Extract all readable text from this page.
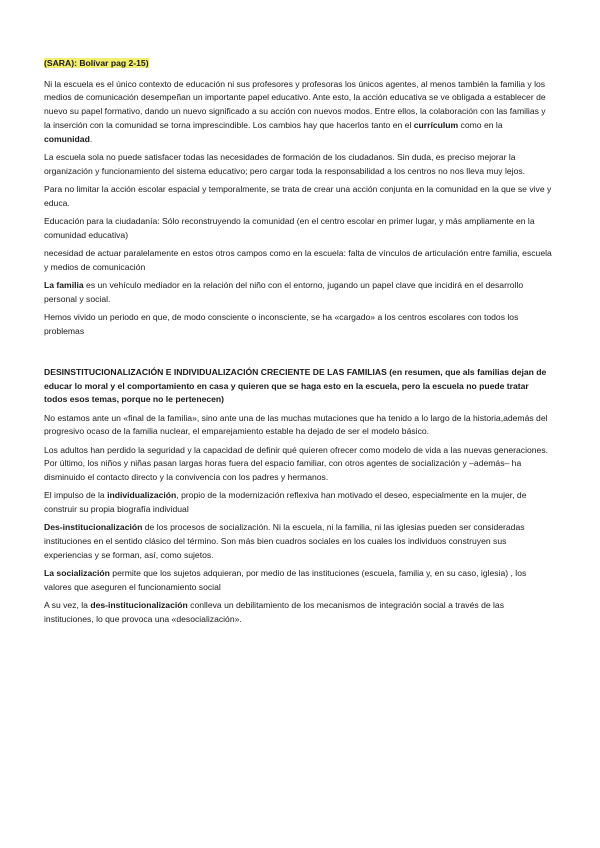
(SARA): Bolívar pag 2-15)

Ni la escuela es el único contexto de educación ni sus profesores y profesoras los únicos agentes, al menos también la familia y los medios de comunicación desempeñan un importante papel educativo. Ante esto, la acción educativa se ve obligada a establecer de nuevo su papel formativo, dando un nuevo significado a su acción con nuevos modos. Entre ellos, la colaboración con las familias y la inserción con la comunidad se torna imprescindible. Los cambios hay que hacerlos tanto en el currículum como en la comunidad.

La escuela sola no puede satisfacer todas las necesidades de formación de los ciudadanos. Sin duda, es preciso mejorar la organización y funcionamiento del sistema educativo; pero cargar toda la responsabilidad a los centros no nos lleva muy lejos.

Para no limitar la acción escolar espacial y temporalmente, se trata de crear una acción conjunta en la comunidad en la que se vive y educa.

Educación para la ciudadanía: Sólo reconstruyendo la comunidad (en el centro escolar en primer lugar, y más ampliamente en la comunidad educativa)

necesidad de actuar paralelamente en estos otros campos como en la escuela: falta de vínculos de articulación entre familia, escuela y medios de comunicación

La familia es un vehículo mediador en la relación del niño con el entorno, jugando un papel clave que incidirá en el desarrollo personal y social.

Hemos vivido un periodo en que, de modo consciente o inconsciente, se ha «cargado» a los centros escolares con todos los problemas

DESINSTITUCIONALIZACIÓN E INDIVIDUALIZACIÓN CRECIENTE DE LAS FAMILIAS (en resumen, que als familias dejan de educar lo moral y el comportamiento en casa y quieren que se haga esto en la escuela, pero la escuela no puede tratar todos esos temas, porque no le pertenecen)

No estamos ante un «final de la familia», sino ante una de las muchas mutaciones que ha tenido a lo largo de la historia,además del progresivo ocaso de la familia nuclear, el emparejamiento estable ha dejado de ser el modelo básico.

Los adultos han perdido la seguridad y la capacidad de definir qué quieren ofrecer como modelo de vida a las nuevas generaciones. Por último, los niños y niñas pasan largas horas fuera del espacio familiar, con otros agentes de socialización y –además– ha disminuido el contacto directo y la convivencia con los padres y hermanos.

El impulso de la individualización, propio de la modernización reflexiva han motivado el deseo, especialmente en la mujer, de construir su propia biografía individual

Des-institucionalización de los procesos de socialización. Ni la escuela, ni la familia, ni las iglesias pueden ser consideradas instituciones en el sentido clásico del término. Son más bien cuadros sociales en los cuales los individuos construyen sus experiencias y se forman, así, como sujetos.

La socialización permite que los sujetos adquieran, por medio de las instituciones (escuela, familia y, en su caso, iglesia) , los valores que aseguren el funcionamiento social

A su vez, la des-institucionalización conlleva un debilitamiento de los mecanismos de integración social a través de las instituciones, lo que provoca una «desocialización».
